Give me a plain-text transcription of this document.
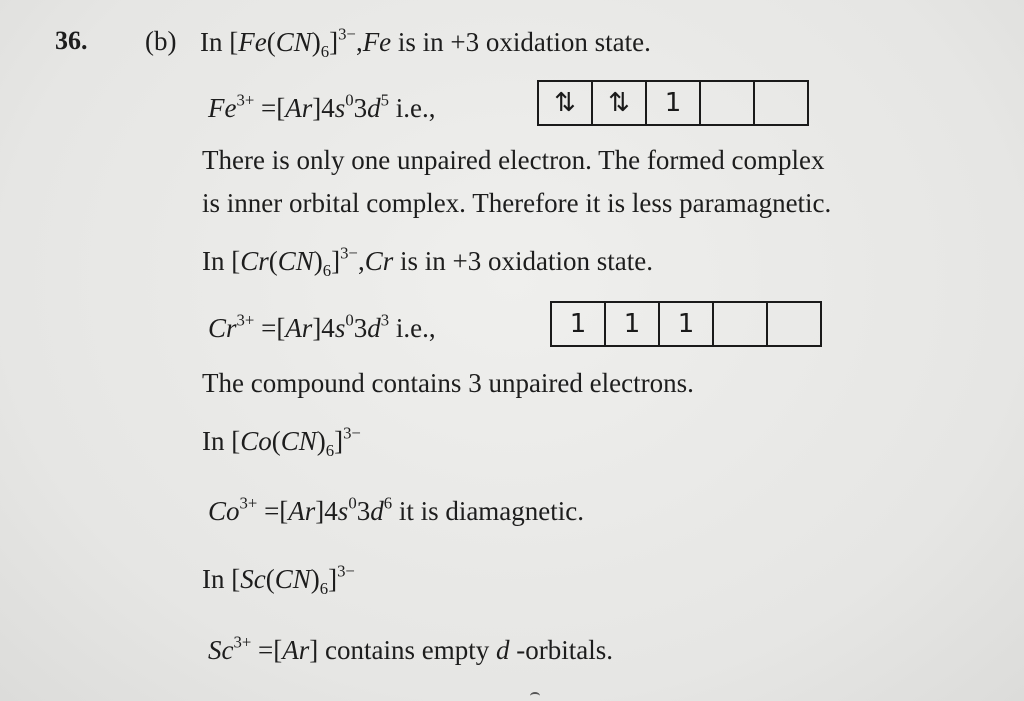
36. (b) In $[Fe(CN)_6]^{3-},Fe$ is in +3 oxidation state.
$Fe^{3+} =[Ar]4s^03d^5$ i.e.,	⇅ ⇅ 1
There is only one unpaired electron. The formed complex
is inner orbital complex. Therefore it is less paramagnetic.
In $[Cr(CN)_6]^{3-},Cr$ is in +3 oxidation state.
$Cr^{3+} =[Ar]4s^03d^3$ i.e.,	1 1 1
The compound contains 3 unpaired electrons.
In $[Co(CN)_6]^{3-}$
$Co^{3+} =[Ar]4s^03d^6$ it is diamagnetic.
In $[Sc(CN)_6]^{3-}$
$Sc^{3+} =[Ar]$ contains empty d -orbitals.
